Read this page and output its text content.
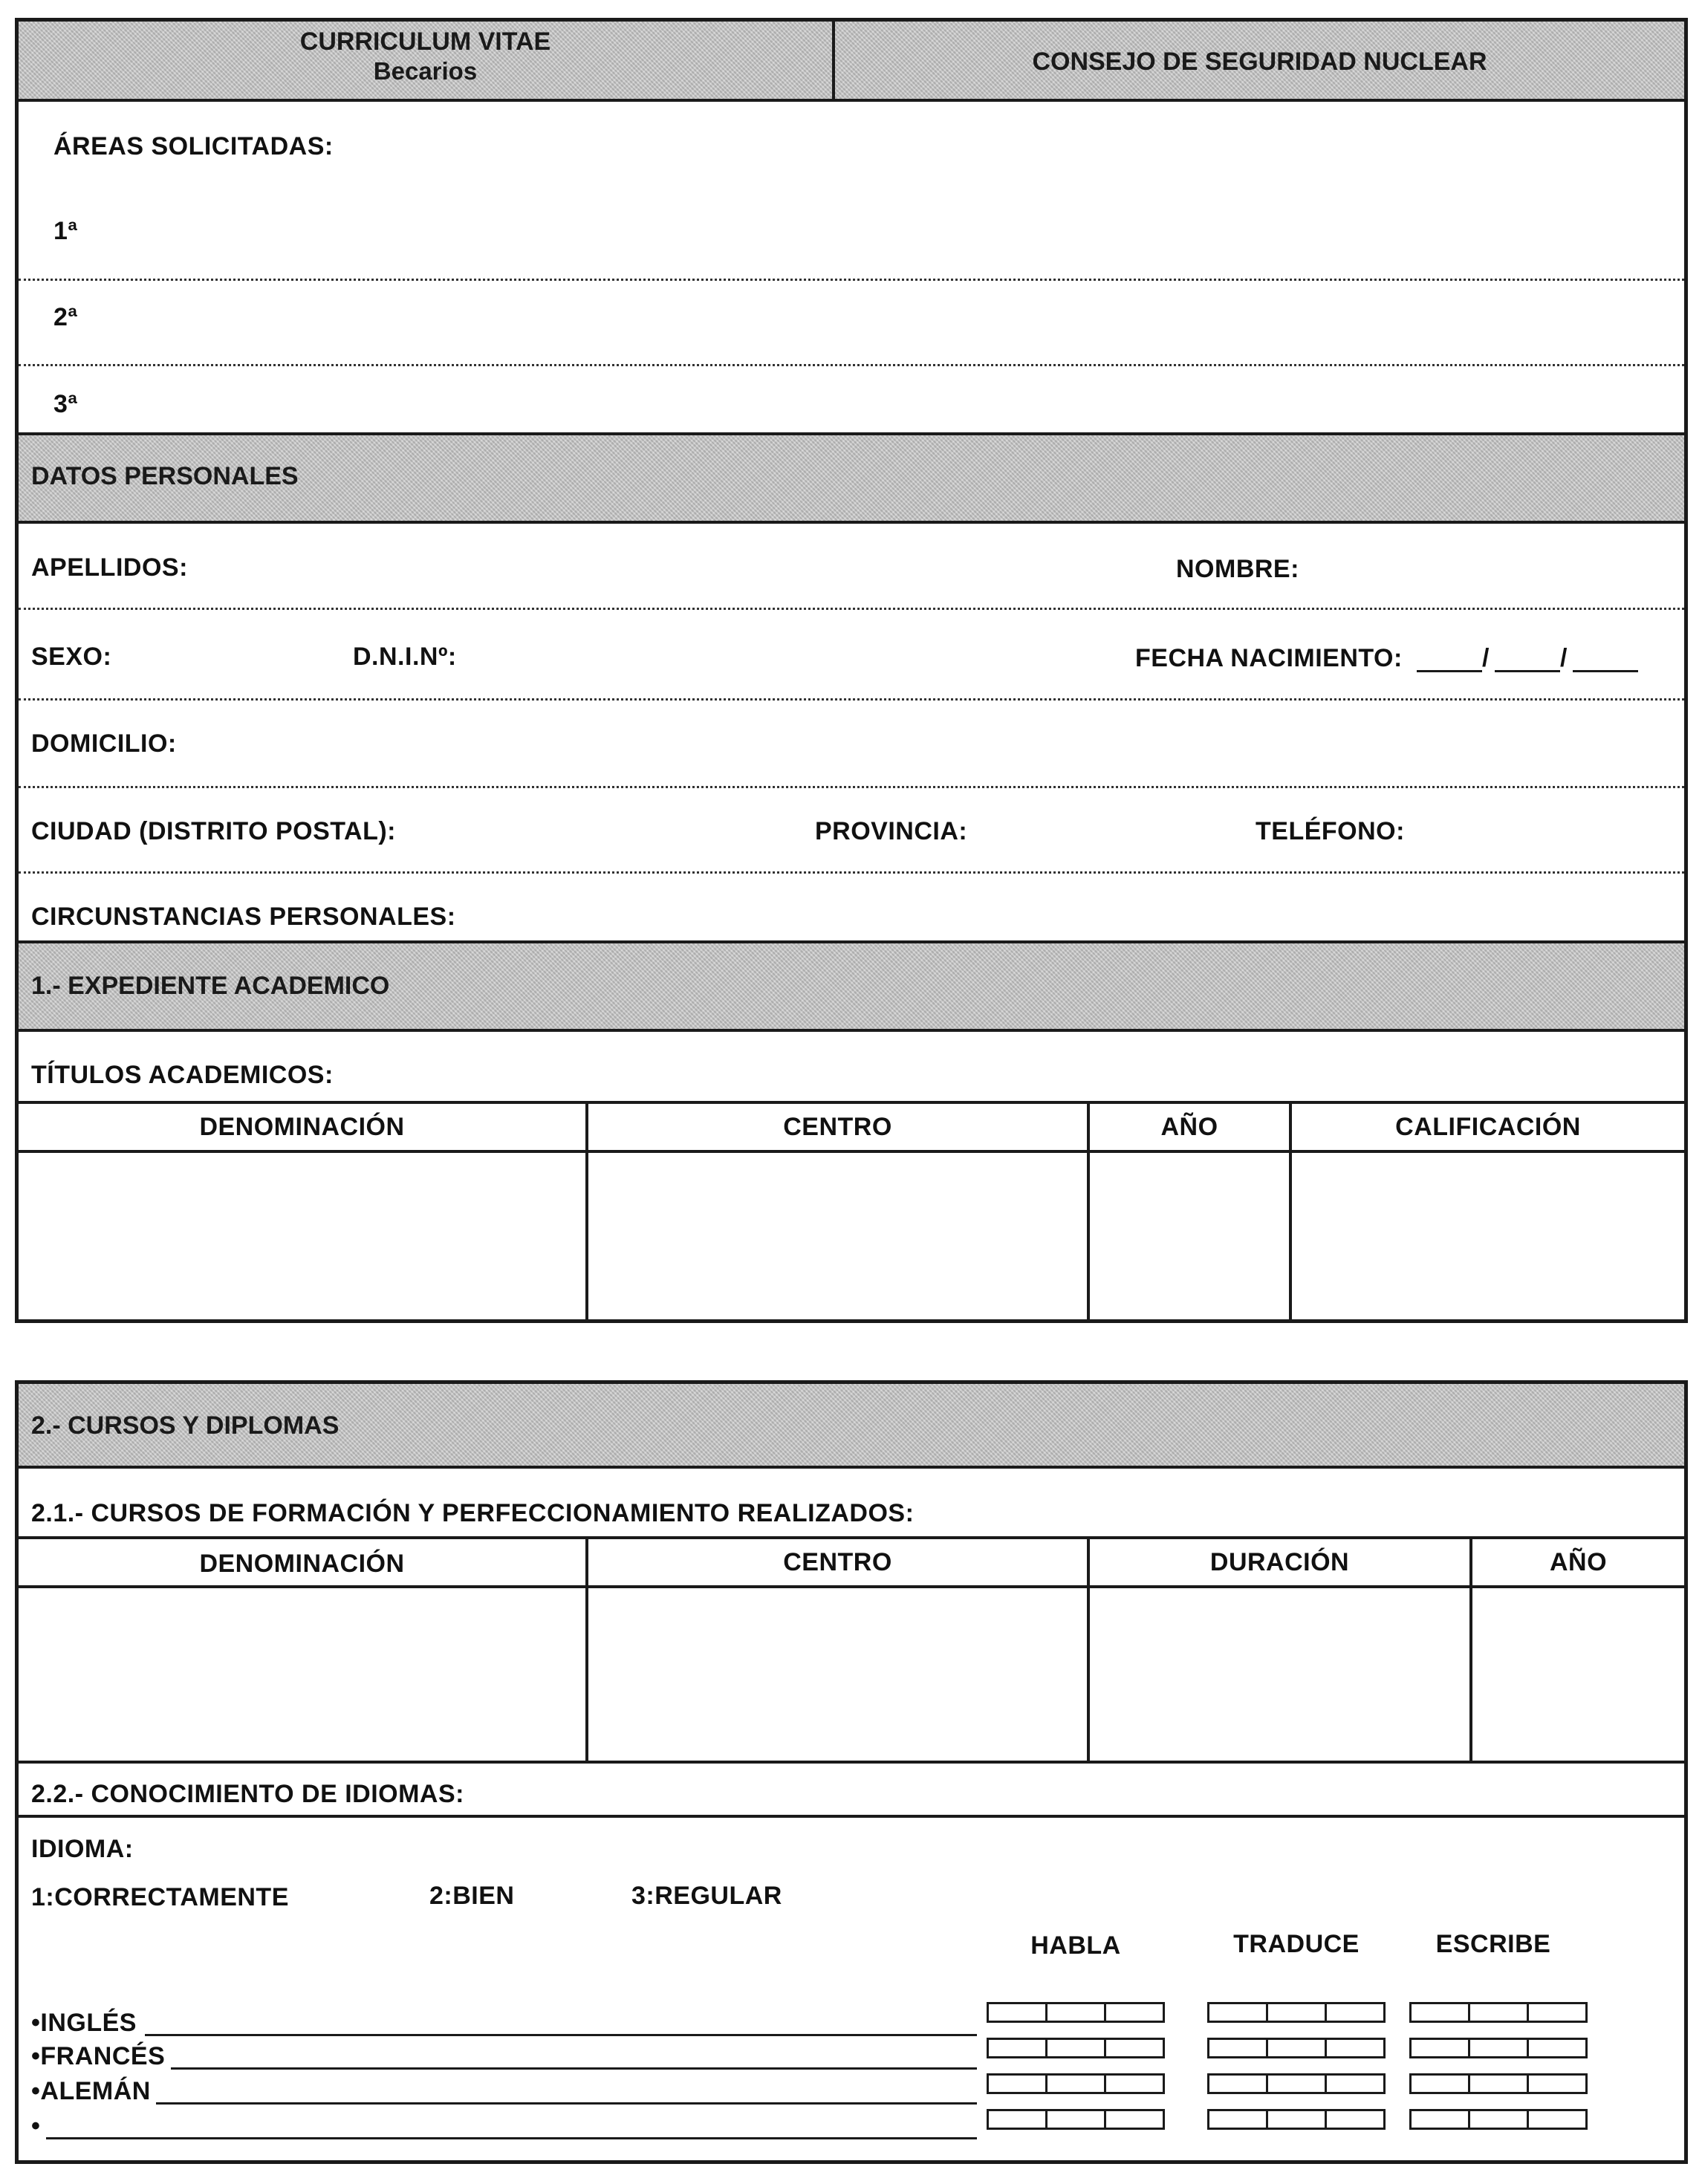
CURRICULUM VITAE
Becarios	CONSEJO DE SEGURIDAD NUCLEAR
ÁREAS SOLICITADAS:
1ª
2ª
3ª
DATOS PERSONALES
APELLIDOS:	NOMBRE:
SEXO:	D.N.I.Nº:	FECHA NACIMIENTO:	/	/
DOMICILIO:
CIUDAD (DISTRITO POSTAL):	PROVINCIA:	TELÉFONO:
CIRCUNSTANCIAS PERSONALES:
1.- EXPEDIENTE ACADEMICO
TÍTULOS ACADEMICOS:
DENOMINACIÓN	CENTRO	AÑO	CALIFICACIÓN
2.- CURSOS Y DIPLOMAS
2.1.- CURSOS DE FORMACIÓN Y PERFECCIONAMIENTO REALIZADOS:
DENOMINACIÓN	CENTRO	DURACIÓN	AÑO
2.2.- CONOCIMIENTO DE IDIOMAS:
IDIOMA:
1:CORRECTAMENTE	2:BIEN	3:REGULAR
HABLA	TRADUCE	ESCRIBE
•INGLÉS
•FRANCÉS
•ALEMÁN
•
